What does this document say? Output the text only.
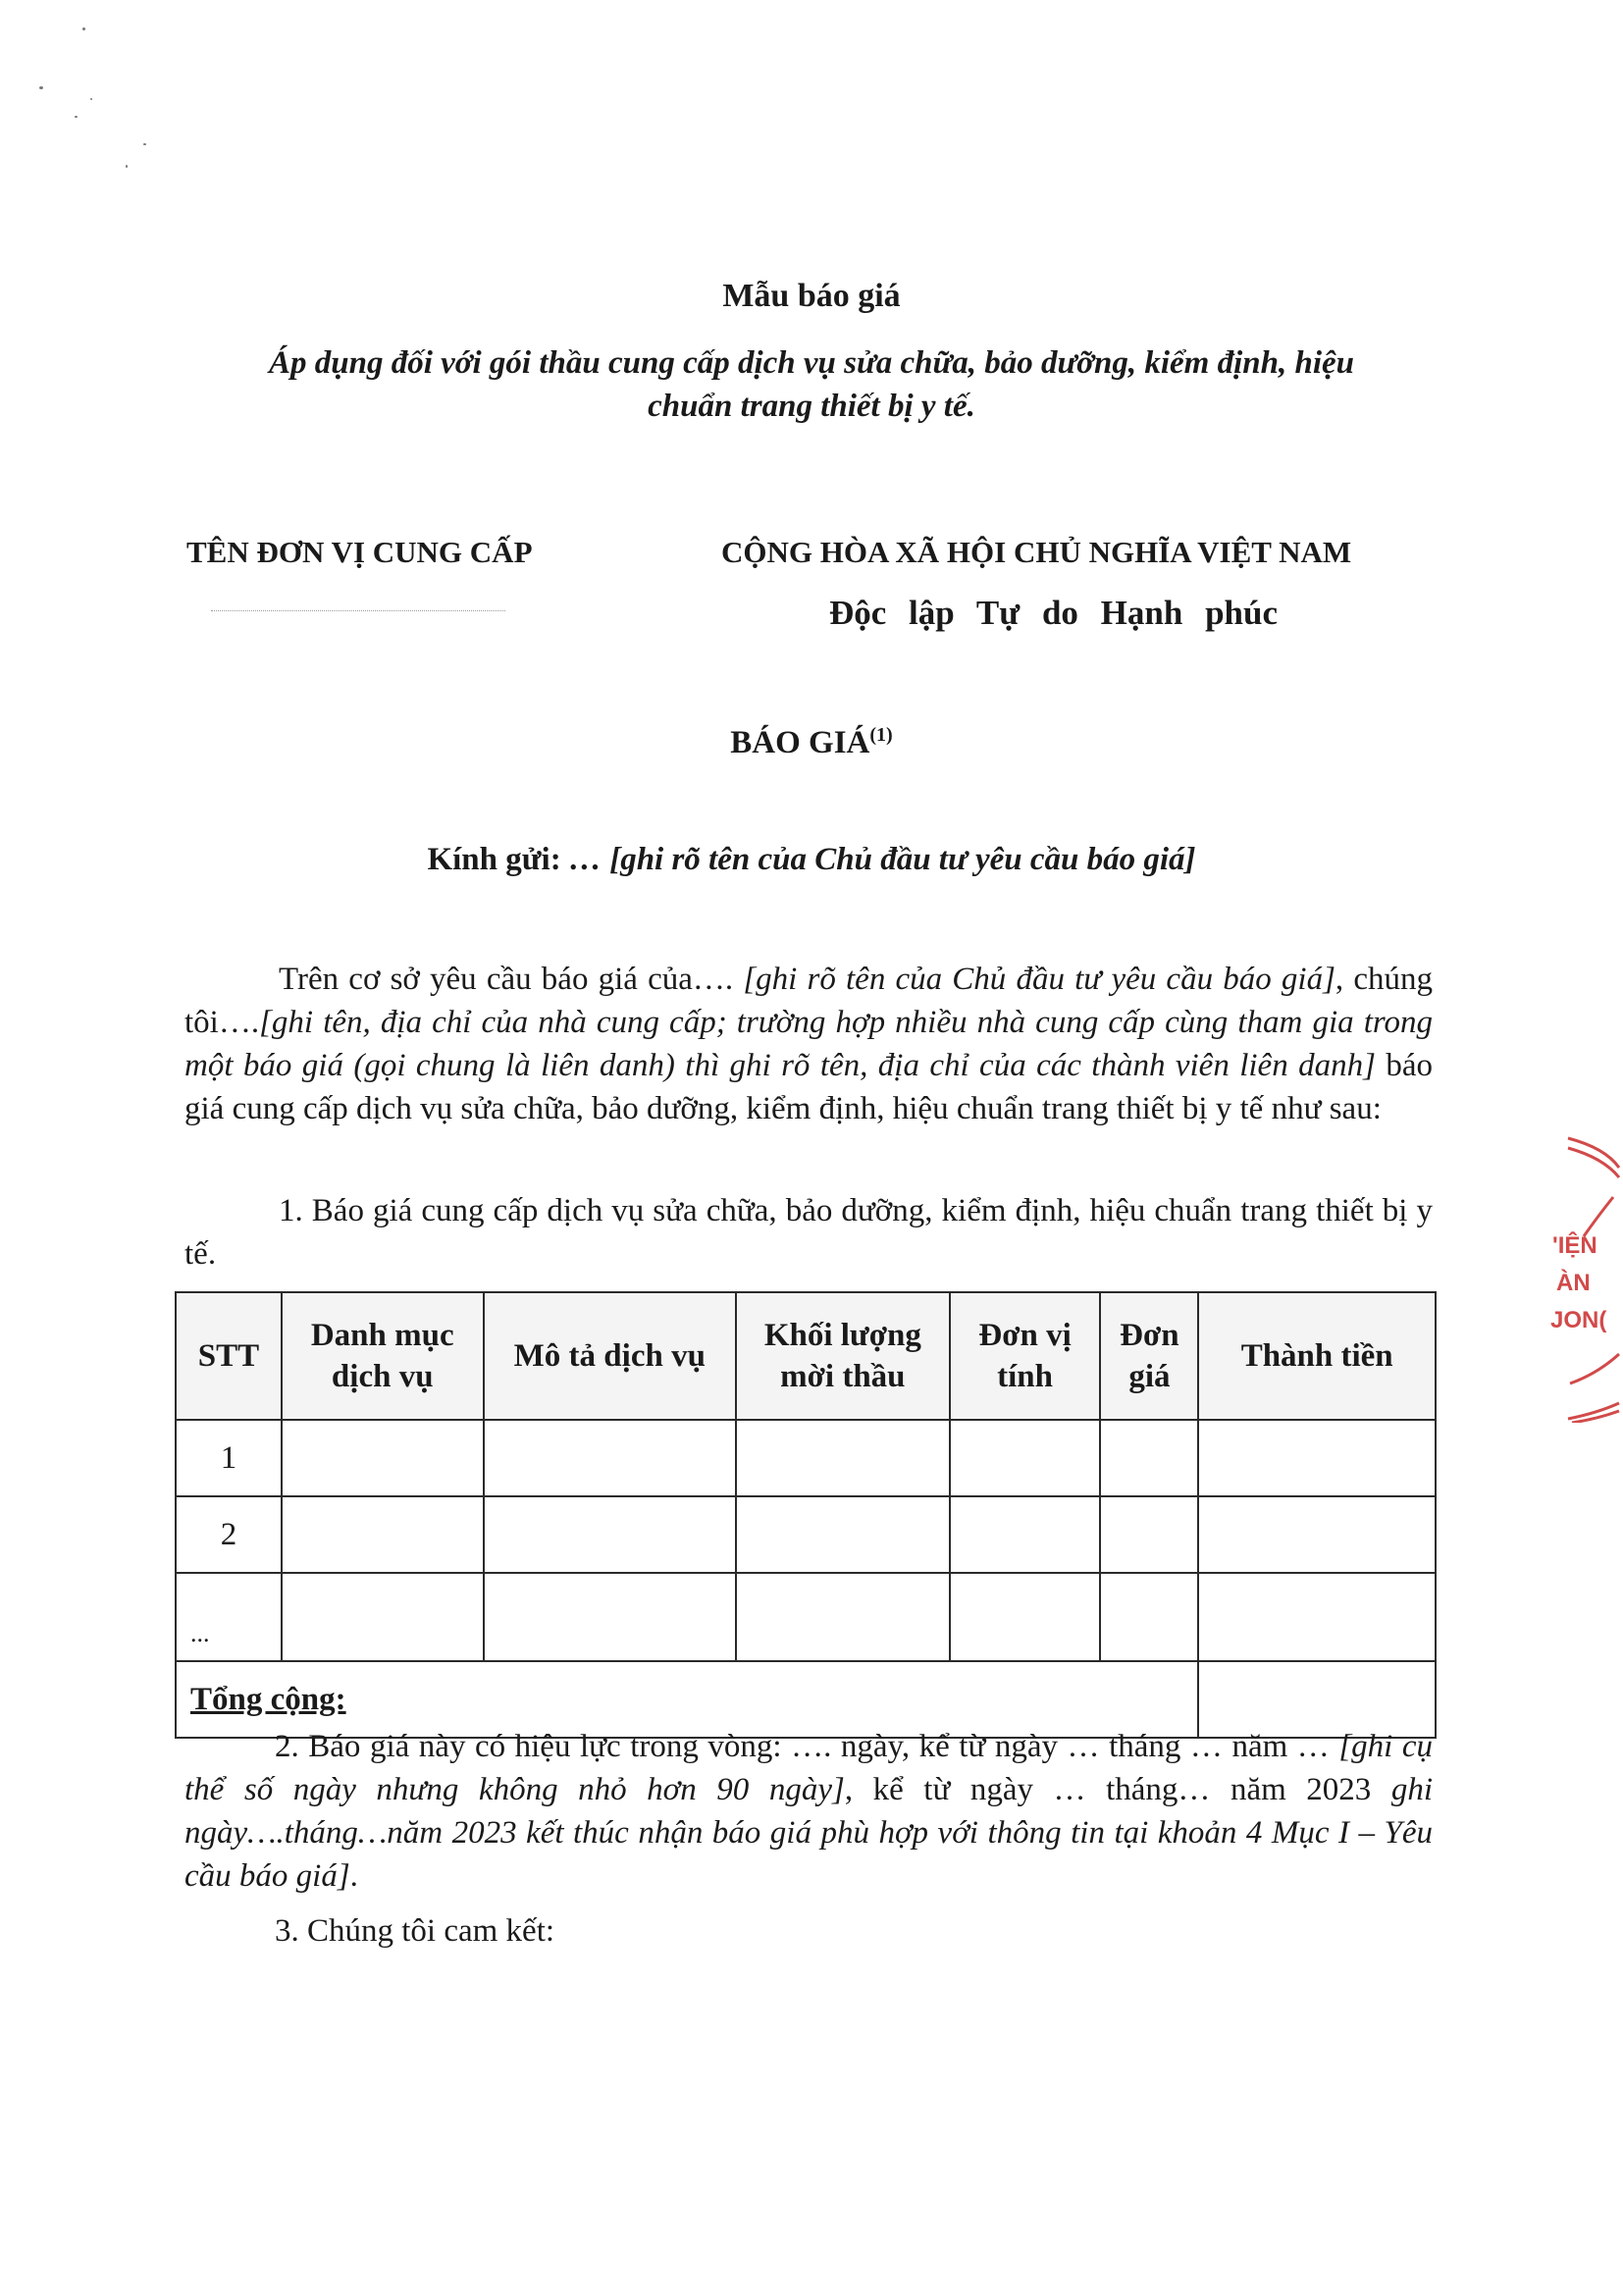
Mẫu báo giá
Áp dụng đối với gói thầu cung cấp dịch vụ sửa chữa, bảo dưỡng, kiểm định, hiệu
chuẩn trang thiết bị y tế.
TÊN ĐƠN VỊ CUNG CẤP	CỘNG HÒA XÃ HỘI CHỦ NGHĨA VIỆT NAM
Độc lập Tự do Hạnh phúc
BÁO GIÁ$^{(1)}$
Kính gửi: … [ghi rõ tên của Chủ đầu tư yêu cầu báo giá]
Trên cơ sở yêu cầu báo giá của…. [ghi rõ tên của Chủ đầu tư yêu cầu báo giá], chúng tôi….[ghi tên, địa chỉ của nhà cung cấp; trường hợp nhiều nhà cung cấp cùng tham gia trong một báo giá (gọi chung là liên danh) thì ghi rõ tên, địa chỉ của các thành viên liên danh] báo giá cung cấp dịch vụ sửa chữa, bảo dưỡng, kiểm định, hiệu chuẩn trang thiết bị y tế như sau:
1. Báo giá cung cấp dịch vụ sửa chữa, bảo dưỡng, kiểm định, hiệu chuẩn trang thiết bị y tế.
STT	Danh mục dịch vụ	Mô tả dịch vụ	Khối lượng mời thầu	Đơn vị tính	Đơn giá	Thành tiền
1						
2						
...						
Tổng cộng:						
2. Báo giá này có hiệu lực trong vòng: …. ngày, kể từ ngày … tháng … năm … [ghi cụ thể số ngày nhưng không nhỏ hơn 90 ngày], kể từ ngày … tháng… năm 2023 ghi ngày….tháng…năm 2023 kết thúc nhận báo giá phù hợp với thông tin tại khoản 4 Mục I – Yêu cầu báo giá].
3. Chúng tôi cam kết:
'IỆN
ÀN
JON(
